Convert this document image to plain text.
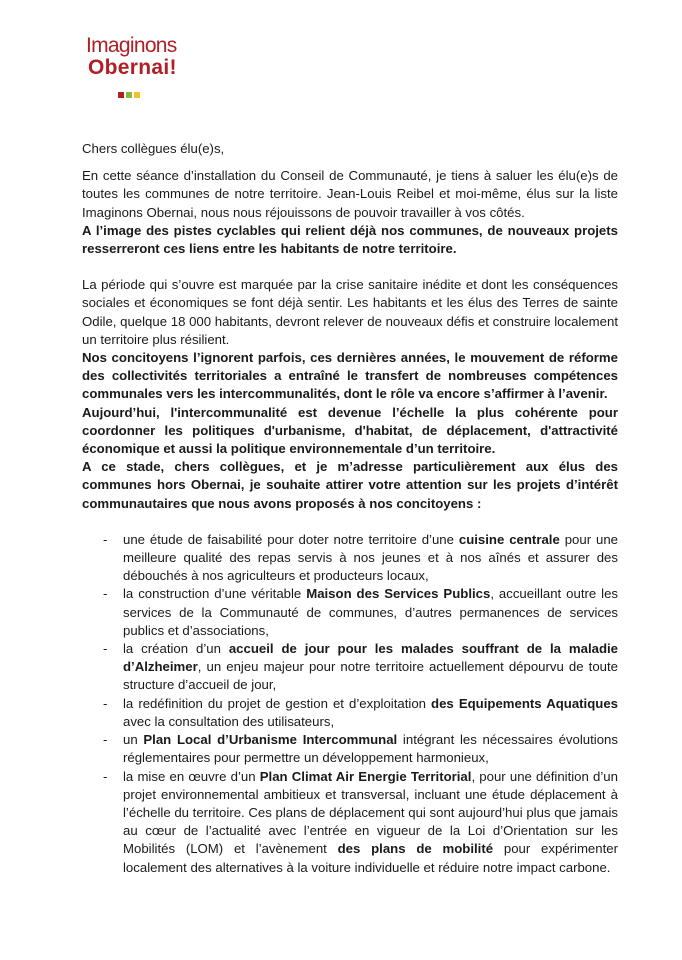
Imaginons
Obernai!

Chers collègues élu(e)s,

En cette séance d’installation du Conseil de Communauté, je tiens à saluer les élu(e)s de toutes les communes de notre territoire. Jean-Louis Reibel et moi-même, élus sur la liste Imaginons Obernai, nous nous réjouissons de pouvoir travailler à vos côtés.

A l’image des pistes cyclables qui relient déjà nos communes, de nouveaux projets resserreront ces liens entre les habitants de notre territoire.

La période qui s’ouvre est marquée par la crise sanitaire inédite et dont les conséquences sociales et économiques se font déjà sentir. Les habitants et les élus des Terres de sainte Odile, quelque 18 000 habitants, devront relever de nouveaux défis et construire localement un territoire plus résilient.

Nos concitoyens l’ignorent parfois, ces dernières années, le mouvement de réforme des collectivités territoriales a entraîné le transfert de nombreuses compétences communales vers les intercommunalités, dont le rôle va encore s’affirmer à l’avenir.

Aujourd’hui, l'intercommunalité est devenue l’échelle la plus cohérente pour coordonner les politiques d'urbanisme, d'habitat, de déplacement, d'attractivité économique et aussi la politique environnementale d’un territoire.

A ce stade, chers collègues, et je m’adresse particulièrement aux élus des communes hors Obernai, je souhaite attirer votre attention sur les projets d’intérêt communautaires que nous avons proposés à nos concitoyens :

- une étude de faisabilité pour doter notre territoire d’une cuisine centrale pour une meilleure qualité des repas servis à nos jeunes et à nos aînés et assurer des débouchés à nos agriculteurs et producteurs locaux,
- la construction d’une véritable Maison des Services Publics, accueillant outre les services de la Communauté de communes, d’autres permanences de services publics et d’associations,
- la création d’un accueil de jour pour les malades souffrant de la maladie d’Alzheimer, un enjeu majeur pour notre territoire actuellement dépourvu de toute structure d’accueil de jour,
- la redéfinition du projet de gestion et d’exploitation des Equipements Aquatiques avec la consultation des utilisateurs,
- un Plan Local d’Urbanisme Intercommunal intégrant les nécessaires évolutions réglementaires pour permettre un développement harmonieux,
- la mise en œuvre d’un Plan Climat Air Energie Territorial, pour une définition d’un projet environnemental ambitieux et transversal, incluant une étude déplacement à l’échelle du territoire. Ces plans de déplacement qui sont aujourd’hui plus que jamais au cœur de l’actualité avec l’entrée en vigueur de la Loi d’Orientation sur les Mobilités (LOM) et l’avènement des plans de mobilité pour expérimenter localement des alternatives à la voiture individuelle et réduire notre impact carbone.
